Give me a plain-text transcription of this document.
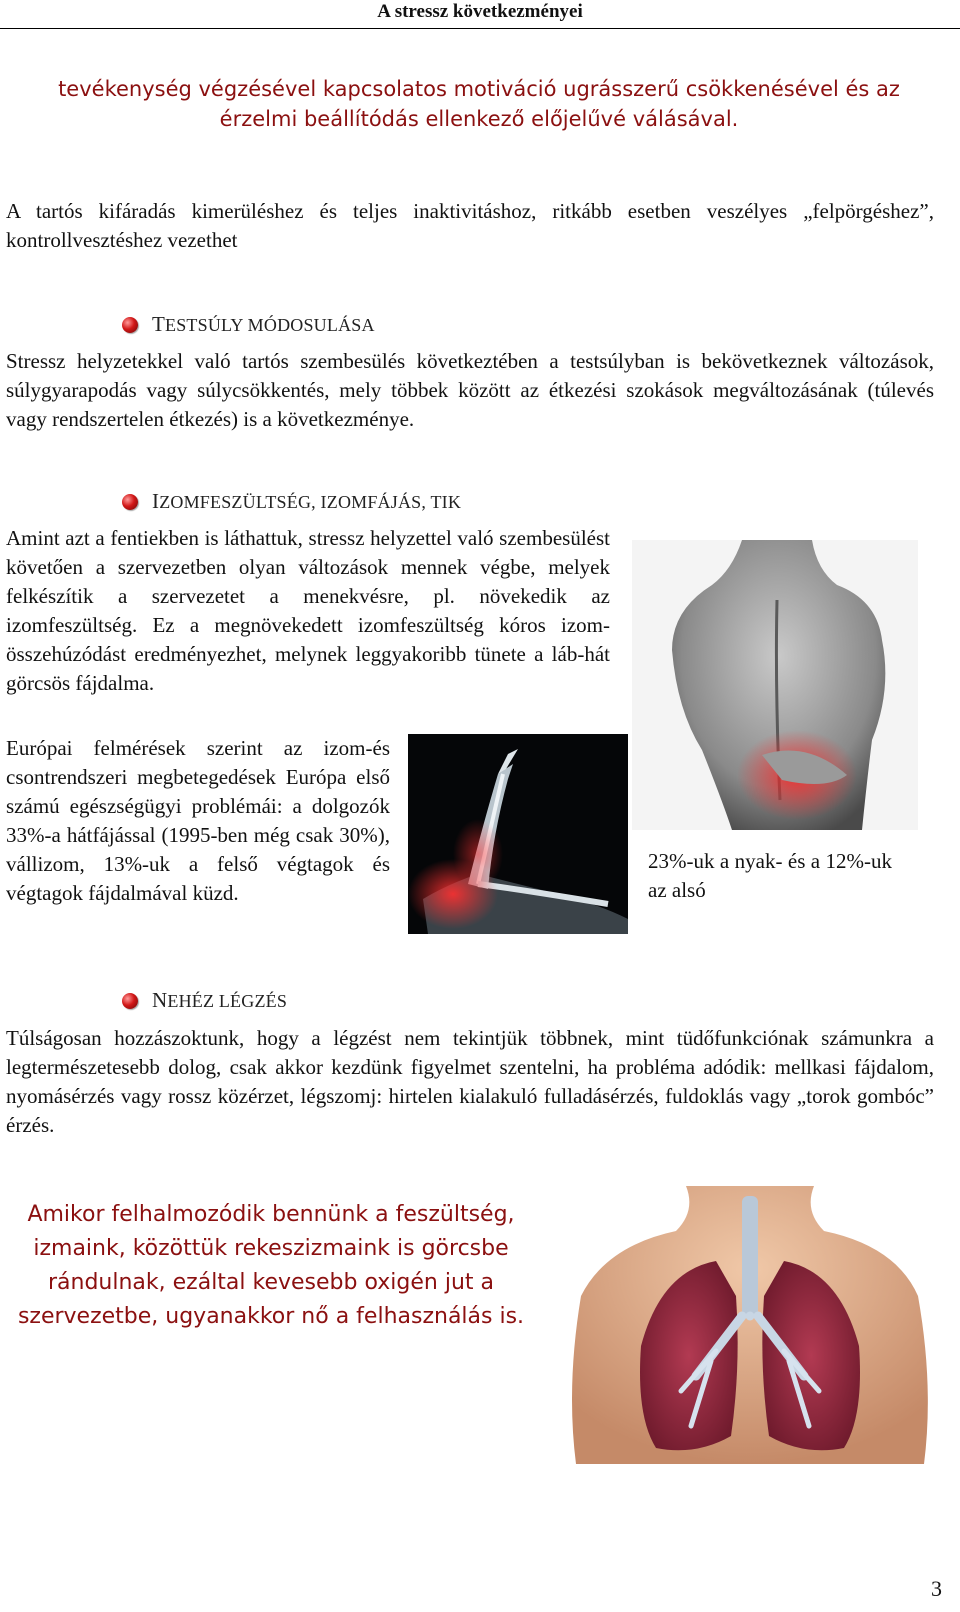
A stressz következményei
tevékenység végzésével kapcsolatos motiváció ugrásszerű csökkenésével és az
érzelmi beállítódás ellenkező előjelűvé válásával.
A tartós kifáradás kimerüléshez és teljes inaktivitáshoz, ritkább esetben veszélyes „felpörgéshez”, kontrollvesztéshez vezethet
TESTSÚLY MÓDOSULÁSA
Stressz helyzetekkel való tartós szembesülés következtében a testsúlyban is bekövetkeznek változások, súlygyarapodás vagy súlycsökkentés, mely többek között az étkezési szokások megváltozásának (túlevés vagy rendszertelen étkezés) is a következménye.
IZOMFESZÜLTSÉG, IZOMFÁJÁS, TIK
Amint azt a fentiekben is láthattuk, stressz helyzettel való szembesülést követően a szervezetben olyan változások mennek végbe, melyek felkészítik a szervezetet a menekvésre, pl. növekedik az izomfeszültség. Ez a megnövekedett izomfeszültség kóros izom-összehúzódást eredményezhet, melynek leggyakoribb tünete a láb-hát görcsös fájdalma.
Európai felmérések szerint az izom-és csontrendszeri megbetegedések Európa első számú egészségügyi problémái: a dolgozók 33%-a hátfájással (1995-ben még csak 30%), vállizom, 13%-uk a felső végtagok és végtagok fájdalmával küzd.
23%-uk a nyak- és a 12%-uk az alsó
NEHÉZ LÉGZÉS
Túlságosan hozzászoktunk, hogy a légzést nem tekintjük többnek, mint tüdőfunkciónak számunkra a legtermészetesebb dolog, csak akkor kezdünk figyelmet szentelni, ha probléma adódik: mellkasi fájdalom, nyomásérzés vagy rossz közérzet, légszomj: hirtelen kialakuló fulladásérzés, fuldoklás vagy „torok gombóc” érzés.
Amikor felhalmozódik bennünk a feszültség,
izmaink, közöttük rekeszizmaink is görcsbe
rándulnak, ezáltal kevesebb oxigén jut a
szervezetbe, ugyanakkor nő a felhasználás is.
3
